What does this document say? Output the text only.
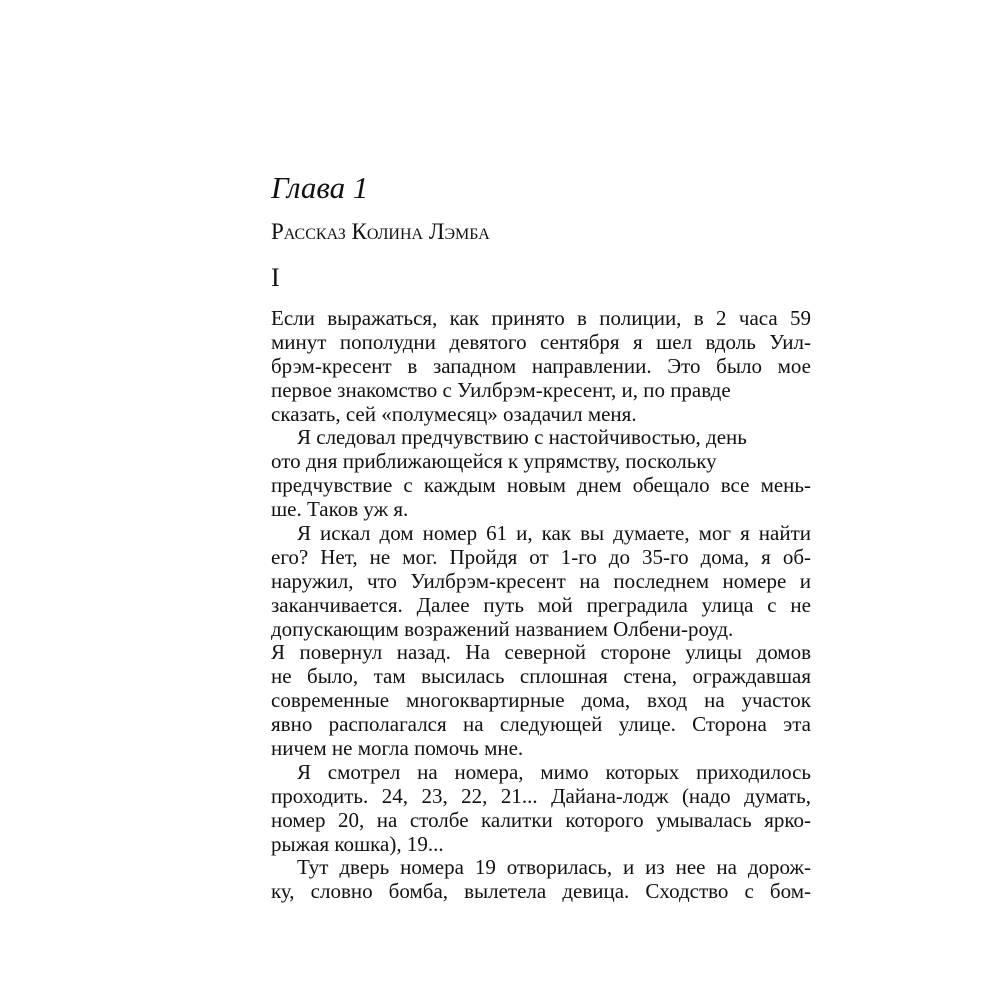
Глава 1
Рассказ Колина Лэмба
I
Если выражаться, как принято в полиции, в 2 часа 59
минут пополудни девятого сентября я шел вдоль Уил-
брэм-кресент в западном направлении. Это было мое
первое знакомство с Уилбрэм-кресент, и, по правде
сказать, сей «полумесяц» озадачил меня.
Я следовал предчувствию с настойчивостью, день
ото дня приближающейся к упрямству, поскольку
предчувствие с каждым новым днем обещало все мень-
ше. Таков уж я.
Я искал дом номер 61 и, как вы думаете, мог я найти
его? Нет, не мог. Пройдя от 1-го до 35-го дома, я об-
наружил, что Уилбрэм-кресент на последнем номере и
заканчивается. Далее путь мой преградила улица с не
допускающим возражений названием Олбени-роуд.
Я повернул назад. На северной стороне улицы домов
не было, там высилась сплошная стена, ограждавшая
современные многоквартирные дома, вход на участок
явно располагался на следующей улице. Сторона эта
ничем не могла помочь мне.
Я смотрел на номера, мимо которых приходилось
проходить. 24, 23, 22, 21... Дайана-лодж (надо думать,
номер 20, на столбе калитки которого умывалась ярко-
рыжая кошка), 19...
Тут дверь номера 19 отворилась, и из нее на дорож-
ку, словно бомба, вылетела девица. Сходство с бом-
